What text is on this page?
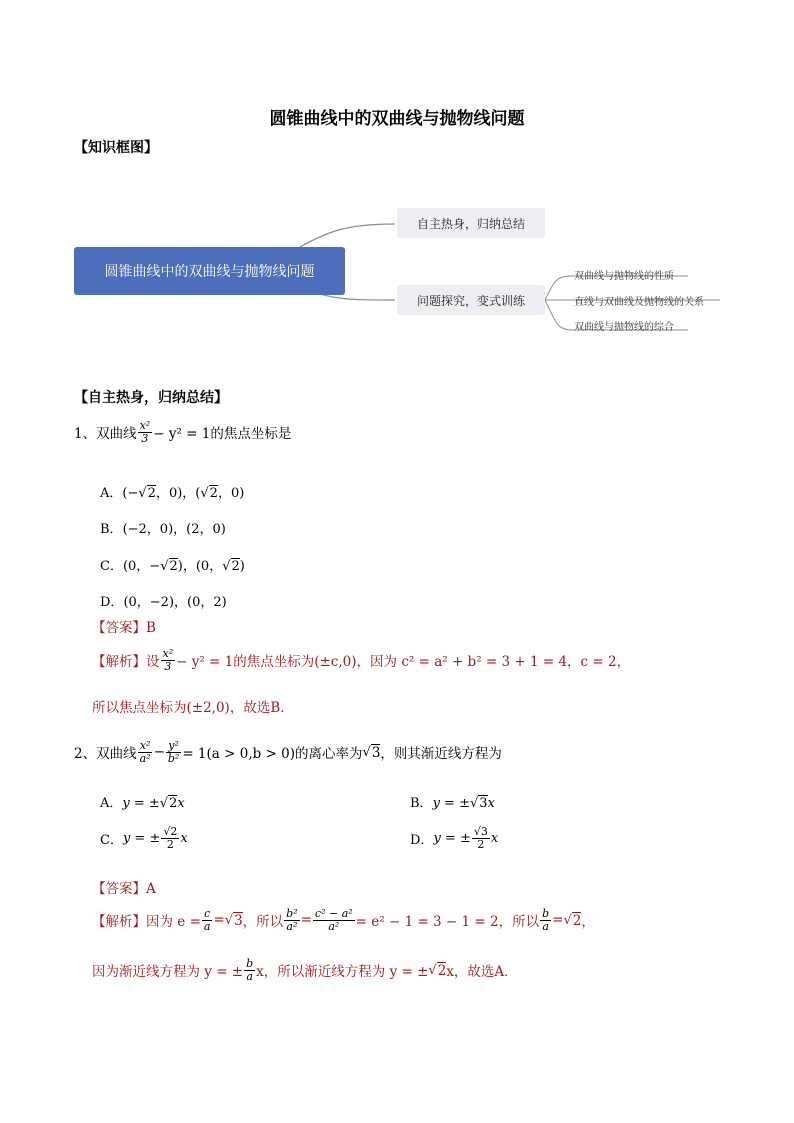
圆锥曲线中的双曲线与抛物线问题
【知识框图】
圆锥曲线中的双曲线与抛物线问题
自主热身，归纳总结
问题探究，变式训练
双曲线与抛物线的性质
直线与双曲线及抛物线的关系
双曲线与抛物线的综合
【自主热身，归纳总结】
1、 双曲线 $\frac{\text{x²}}{3} - y^2 = 1$的焦点坐标是
A．(−√2，0)，(√2，0)
B．(−2，0)，(2，0)
C．(0，−√2)，(0，√2)
D．(0，−2)，(0，2)
【答案】B
【解析】 设 $\frac{\text{x²}}{3} - y^2 = 1$的焦点坐标为(±c,0)，因为 c² = a² + b² = 3 + 1 = 4，c = 2，
所以焦点坐标为(±2,0)，故选B．
2、 双曲线 $\frac{\text{x²}}{\text{a²}} - \frac{\text{y²}}{\text{b²}} = 1(a > 0,b > 0)$的离心率为 √ 3 ，则其渐近线方程为
A．y = ±√2x	B．y = ±√3x
C． y = ± $\frac{√2}{2}$ x	D． y = ± $\frac{√3}{2}$ x
【答案】A
【解析】 因为 $e = \frac{c}{a}$ = √ 3 ，所以 $\frac{\text{b²}}{\text{a²}} = \frac{\text{c² − a²}}{\text{a²}} = e^2 - 1 = 3 - 1 = 2$，所以 $\frac{b}{a}$ = √ 2 ，
因为渐近线方程为 y = ± $\frac{b}{a}$ x，所以渐近线方程为 y = ± √ 2 x，故选A．
